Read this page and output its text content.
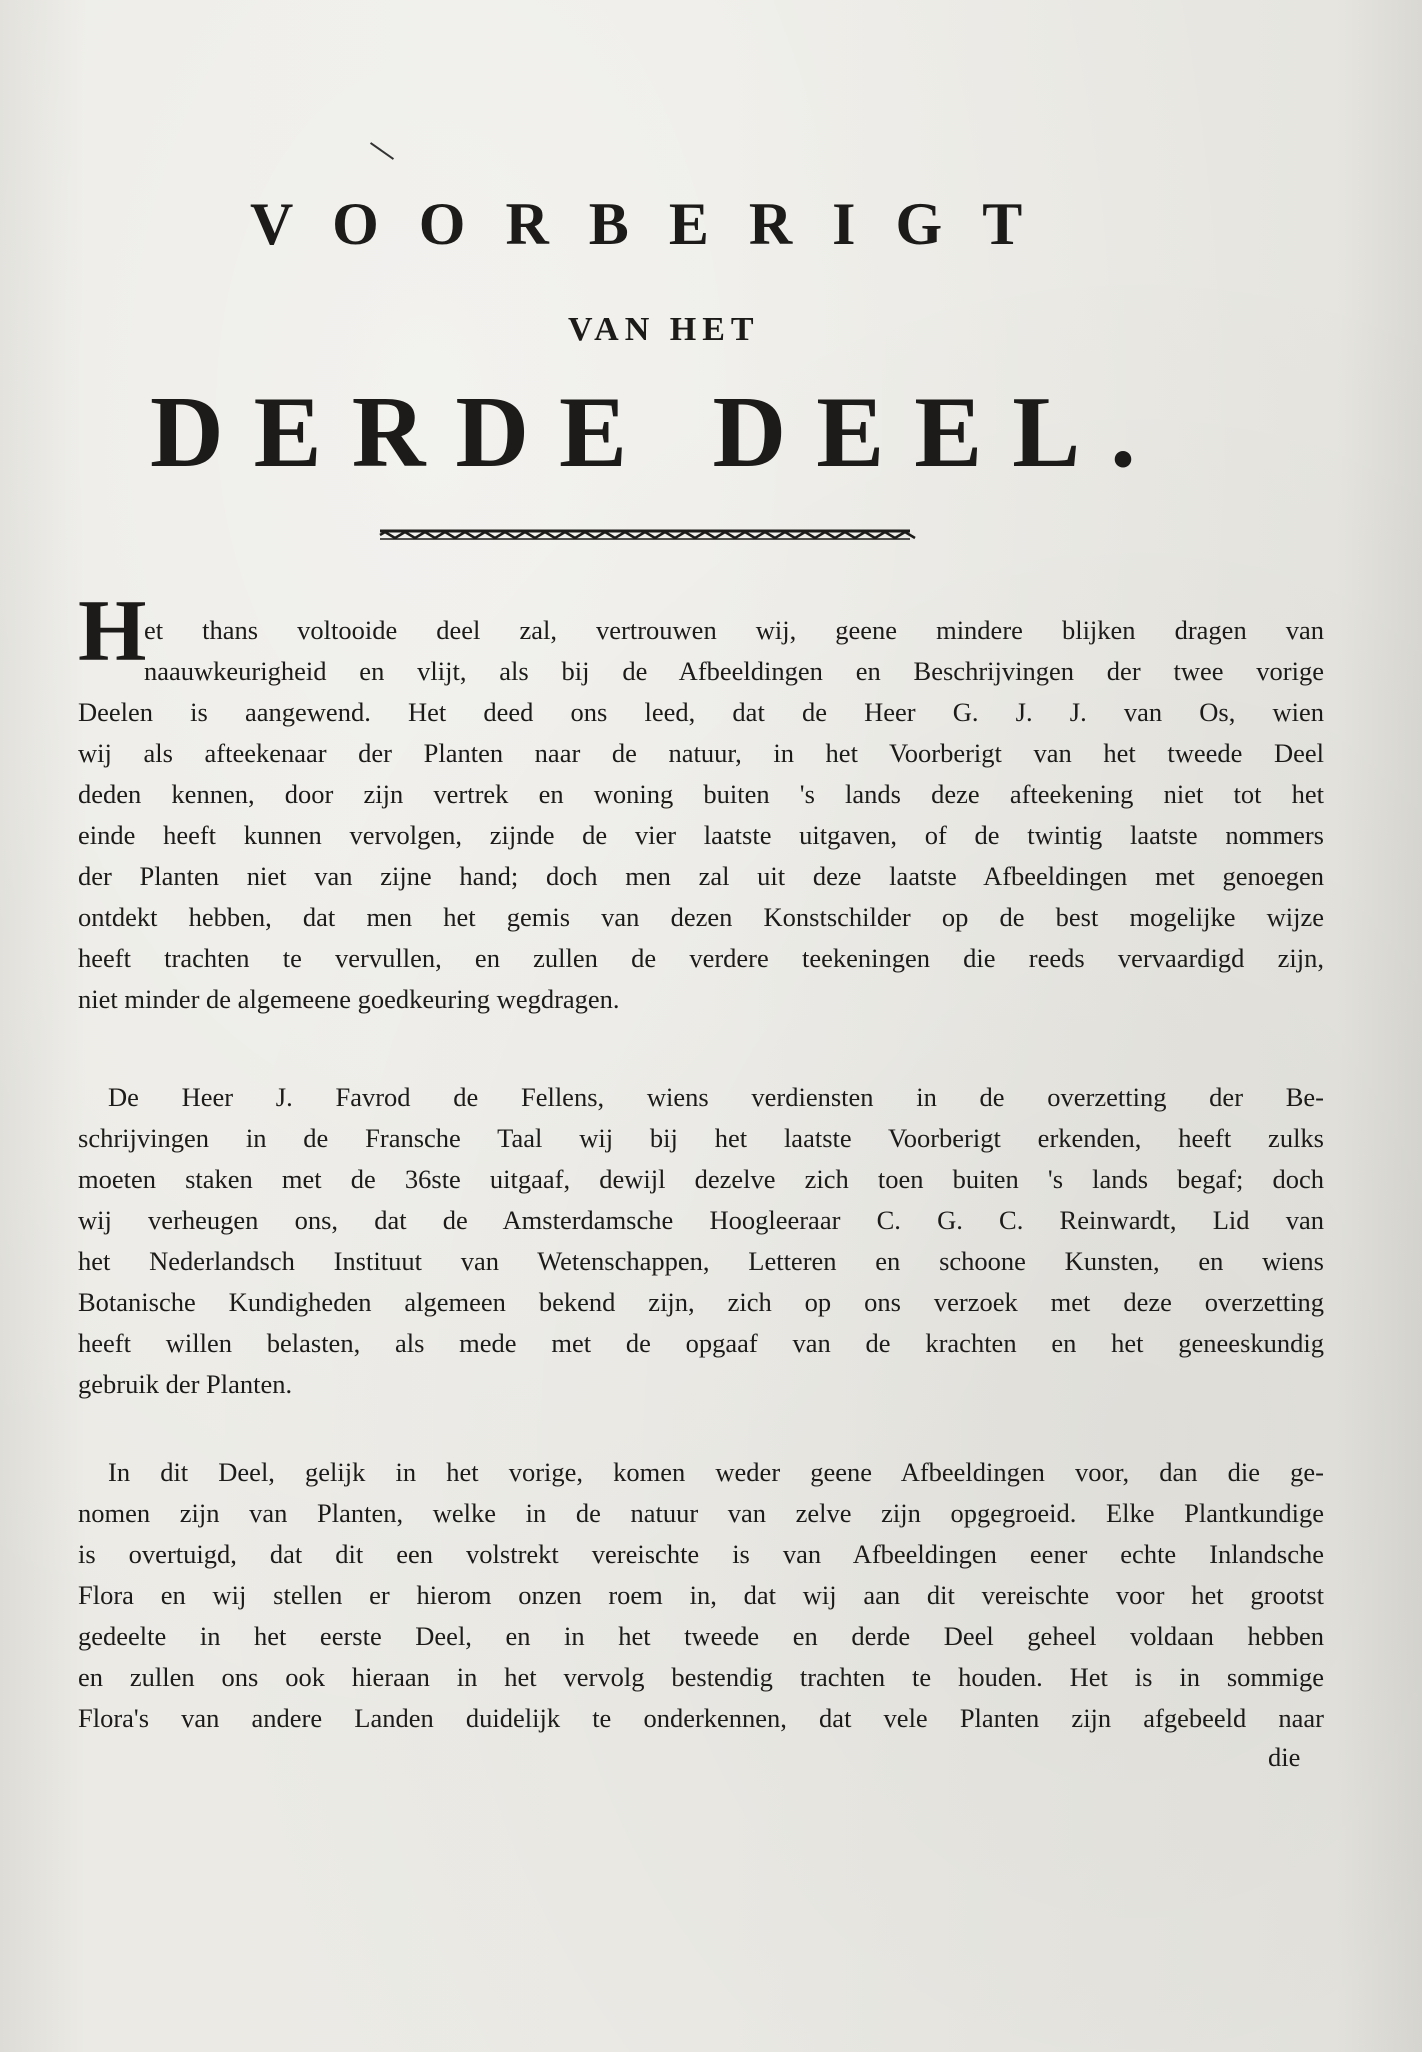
VOORBERIGT
VAN HET
DERDE DEEL.
H
et thans voltooide deel zal, vertrouwen wij, geene mindere blijken dragen van
naauwkeurigheid en vlijt, als bij de Afbeeldingen en Beschrijvingen der twee vorige
Deelen is aangewend. Het deed ons leed, dat de Heer G. J. J. van Os, wien
wij als afteekenaar der Planten naar de natuur, in het Voorberigt van het tweede Deel
deden kennen, door zijn vertrek en woning buiten 's lands deze afteekening niet tot het
einde heeft kunnen vervolgen, zijnde de vier laatste uitgaven, of de twintig laatste nommers
der Planten niet van zijne hand; doch men zal uit deze laatste Afbeeldingen met genoegen
ontdekt hebben, dat men het gemis van dezen Konstschilder op de best mogelijke wijze
heeft trachten te vervullen, en zullen de verdere teekeningen die reeds vervaardigd zijn,
niet minder de algemeene goedkeuring wegdragen.
De Heer J. Favrod de Fellens, wiens verdiensten in de overzetting der Be-
schrijvingen in de Fransche Taal wij bij het laatste Voorberigt erkenden, heeft zulks
moeten staken met de 36ste uitgaaf, dewijl dezelve zich toen buiten 's lands begaf; doch
wij verheugen ons, dat de Amsterdamsche Hoogleeraar C. G. C. Reinwardt, Lid van
het Nederlandsch Instituut van Wetenschappen, Letteren en schoone Kunsten, en wiens
Botanische Kundigheden algemeen bekend zijn, zich op ons verzoek met deze overzetting
heeft willen belasten, als mede met de opgaaf van de krachten en het geneeskundig
gebruik der Planten.
In dit Deel, gelijk in het vorige, komen weder geene Afbeeldingen voor, dan die ge-
nomen zijn van Planten, welke in de natuur van zelve zijn opgegroeid. Elke Plantkundige
is overtuigd, dat dit een volstrekt vereischte is van Afbeeldingen eener echte Inlandsche
Flora en wij stellen er hierom onzen roem in, dat wij aan dit vereischte voor het grootst
gedeelte in het eerste Deel, en in het tweede en derde Deel geheel voldaan hebben
en zullen ons ook hieraan in het vervolg bestendig trachten te houden. Het is in sommige
Flora's van andere Landen duidelijk te onderkennen, dat vele Planten zijn afgebeeld naar
die
